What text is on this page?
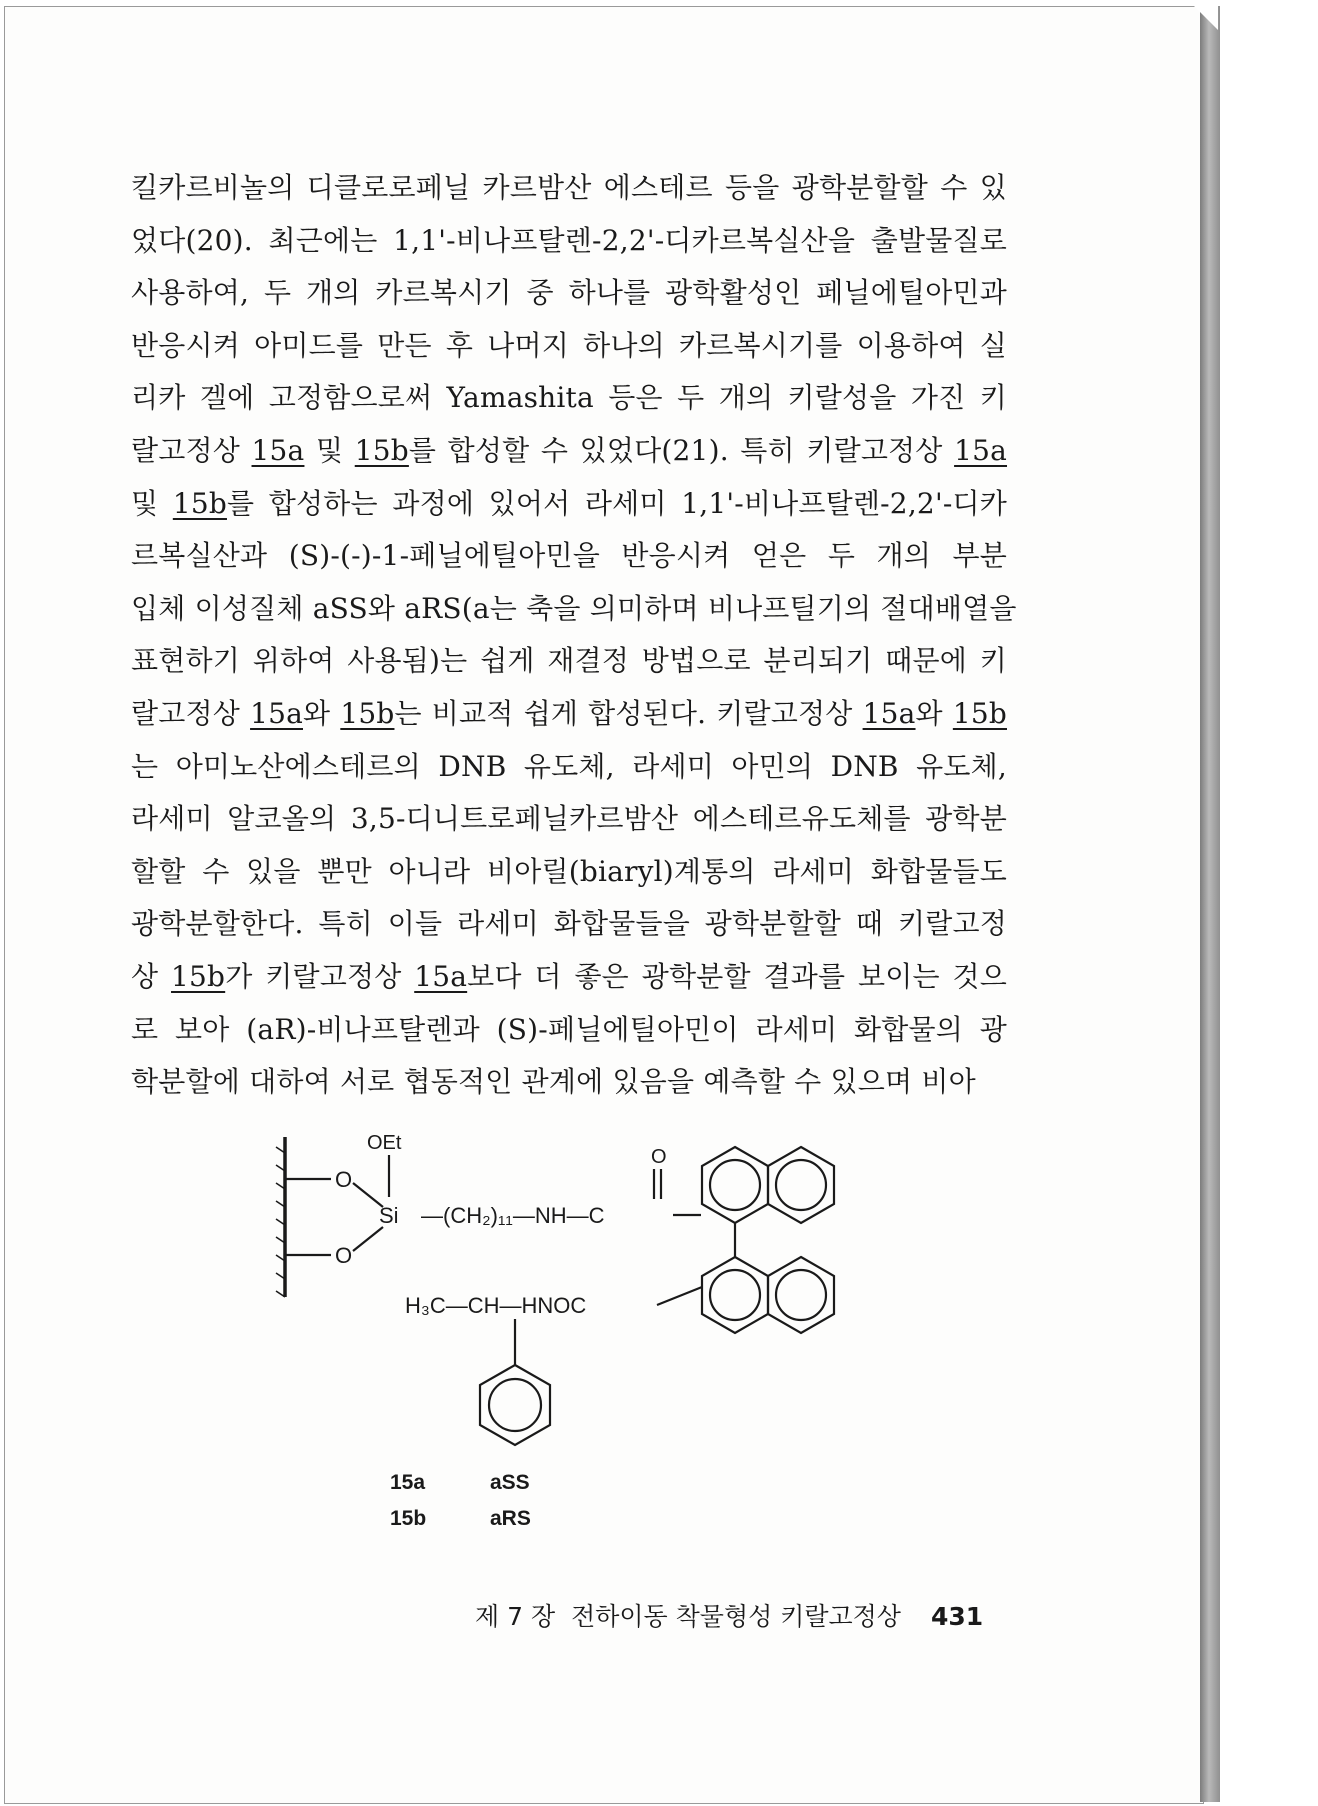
킬카르비놀의 디클로로페닐 카르밤산 에스테르 등을 광학분할할 수 있
었다(20). 최근에는 1,1'-비나프탈렌-2,2'-디카르복실산을 출발물질로
사용하여, 두 개의 카르복시기 중 하나를 광학활성인 페닐에틸아민과
반응시켜 아미드를 만든 후 나머지 하나의 카르복시기를 이용하여 실
리카 겔에 고정함으로써 Yamashita 등은 두 개의 키랄성을 가진 키
랄고정상 15a 및 15b를 합성할 수 있었다(21). 특히 키랄고정상 15a
및 15b를 합성하는 과정에 있어서 라세미 1,1'-비나프탈렌-2,2'-디카
르복실산과 (S)-(-)-1-페닐에틸아민을 반응시켜 얻은 두 개의 부분
입체 이성질체 aSS와 aRS(a는 축을 의미하며 비나프틸기의 절대배열을
표현하기 위하여 사용됨)는 쉽게 재결정 방법으로 분리되기 때문에 키
랄고정상 15a와 15b는 비교적 쉽게 합성된다. 키랄고정상 15a와 15b
는 아미노산에스테르의 DNB 유도체, 라세미 아민의 DNB 유도체,
라세미 알코올의 3,5-디니트로페닐카르밤산 에스테르유도체를 광학분
할할 수 있을 뿐만 아니라 비아릴(biaryl)계통의 라세미 화합물들도
광학분할한다. 특히 이들 라세미 화합물들을 광학분할할 때 키랄고정
상 15b가 키랄고정상 15a보다 더 좋은 광학분할 결과를 보이는 것으
로 보아 (aR)-비나프탈렌과 (S)-페닐에틸아민이 라세미 화합물의 광
학분할에 대하여 서로 협동적인 관계에 있음을 예측할 수 있으며 비아
O
O
OEt
Si —(CH₂)₁₁—NH—C
O
H₃C—CH—HNOC
15a	aSS
15b	aRS
제 7 장 전하이동 착물형성 키랄고정상 431
